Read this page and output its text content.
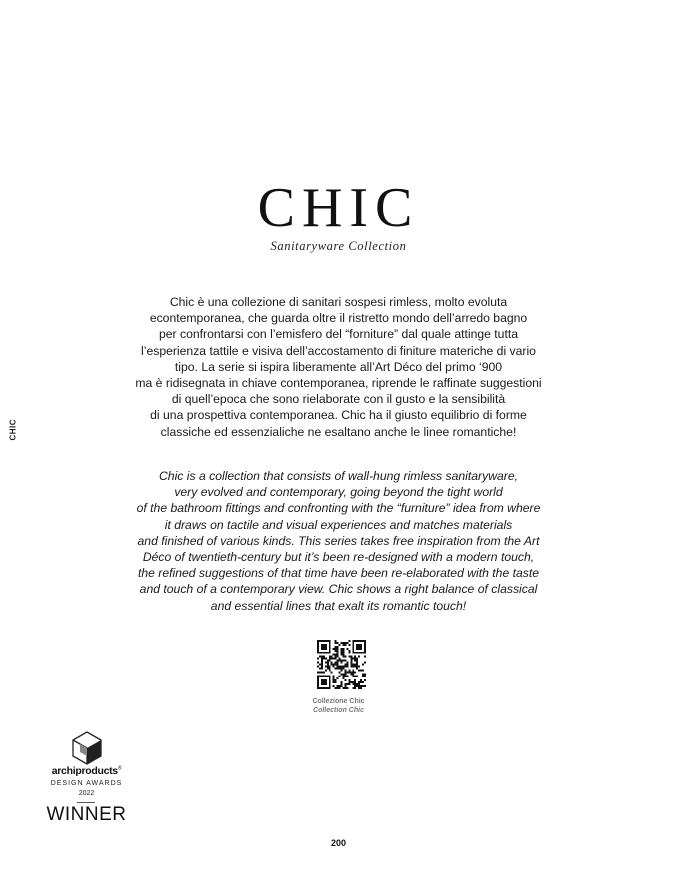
CHIC
CHIC
Sanitaryware Collection

Chic è una collezione di sanitari sospesi rimless, molto evoluta
econtemporanea, che guarda oltre il ristretto mondo dell’arredo bagno
per confrontarsi con l’emisfero del “forniture” dal quale attinge tutta
l’esperienza tattile e visiva dell’accostamento di finiture materiche di vario
tipo. La serie si ispira liberamente all’Art Déco del primo ‘900
ma è ridisegnata in chiave contemporanea, riprende le raffinate suggestioni
di quell’epoca che sono rielaborate con il gusto e la sensibilità
di una prospettiva contemporanea. Chic ha il giusto equilibrio di forme
classiche ed essenzialiche ne esaltano anche le linee romantiche!

Chic is a collection that consists of wall-hung rimless sanitaryware,
very evolved and contemporary, going beyond the tight world
of the bathroom fittings and confronting with the “furniture” idea from where
it draws on tactile and visual experiences and matches materials
and finished of various kinds. This series takes free inspiration from the Art
Déco of twentieth-century but it’s been re-designed with a modern touch,
the refined suggestions of that time have been re-elaborated with the taste
and touch of a contemporary view. Chic shows a right balance of classical
and essential lines that exalt its romantic touch!

Collezione Chic
Collection Chic
archiproducts®
DESIGN AWARDS
2022
WINNER
200
